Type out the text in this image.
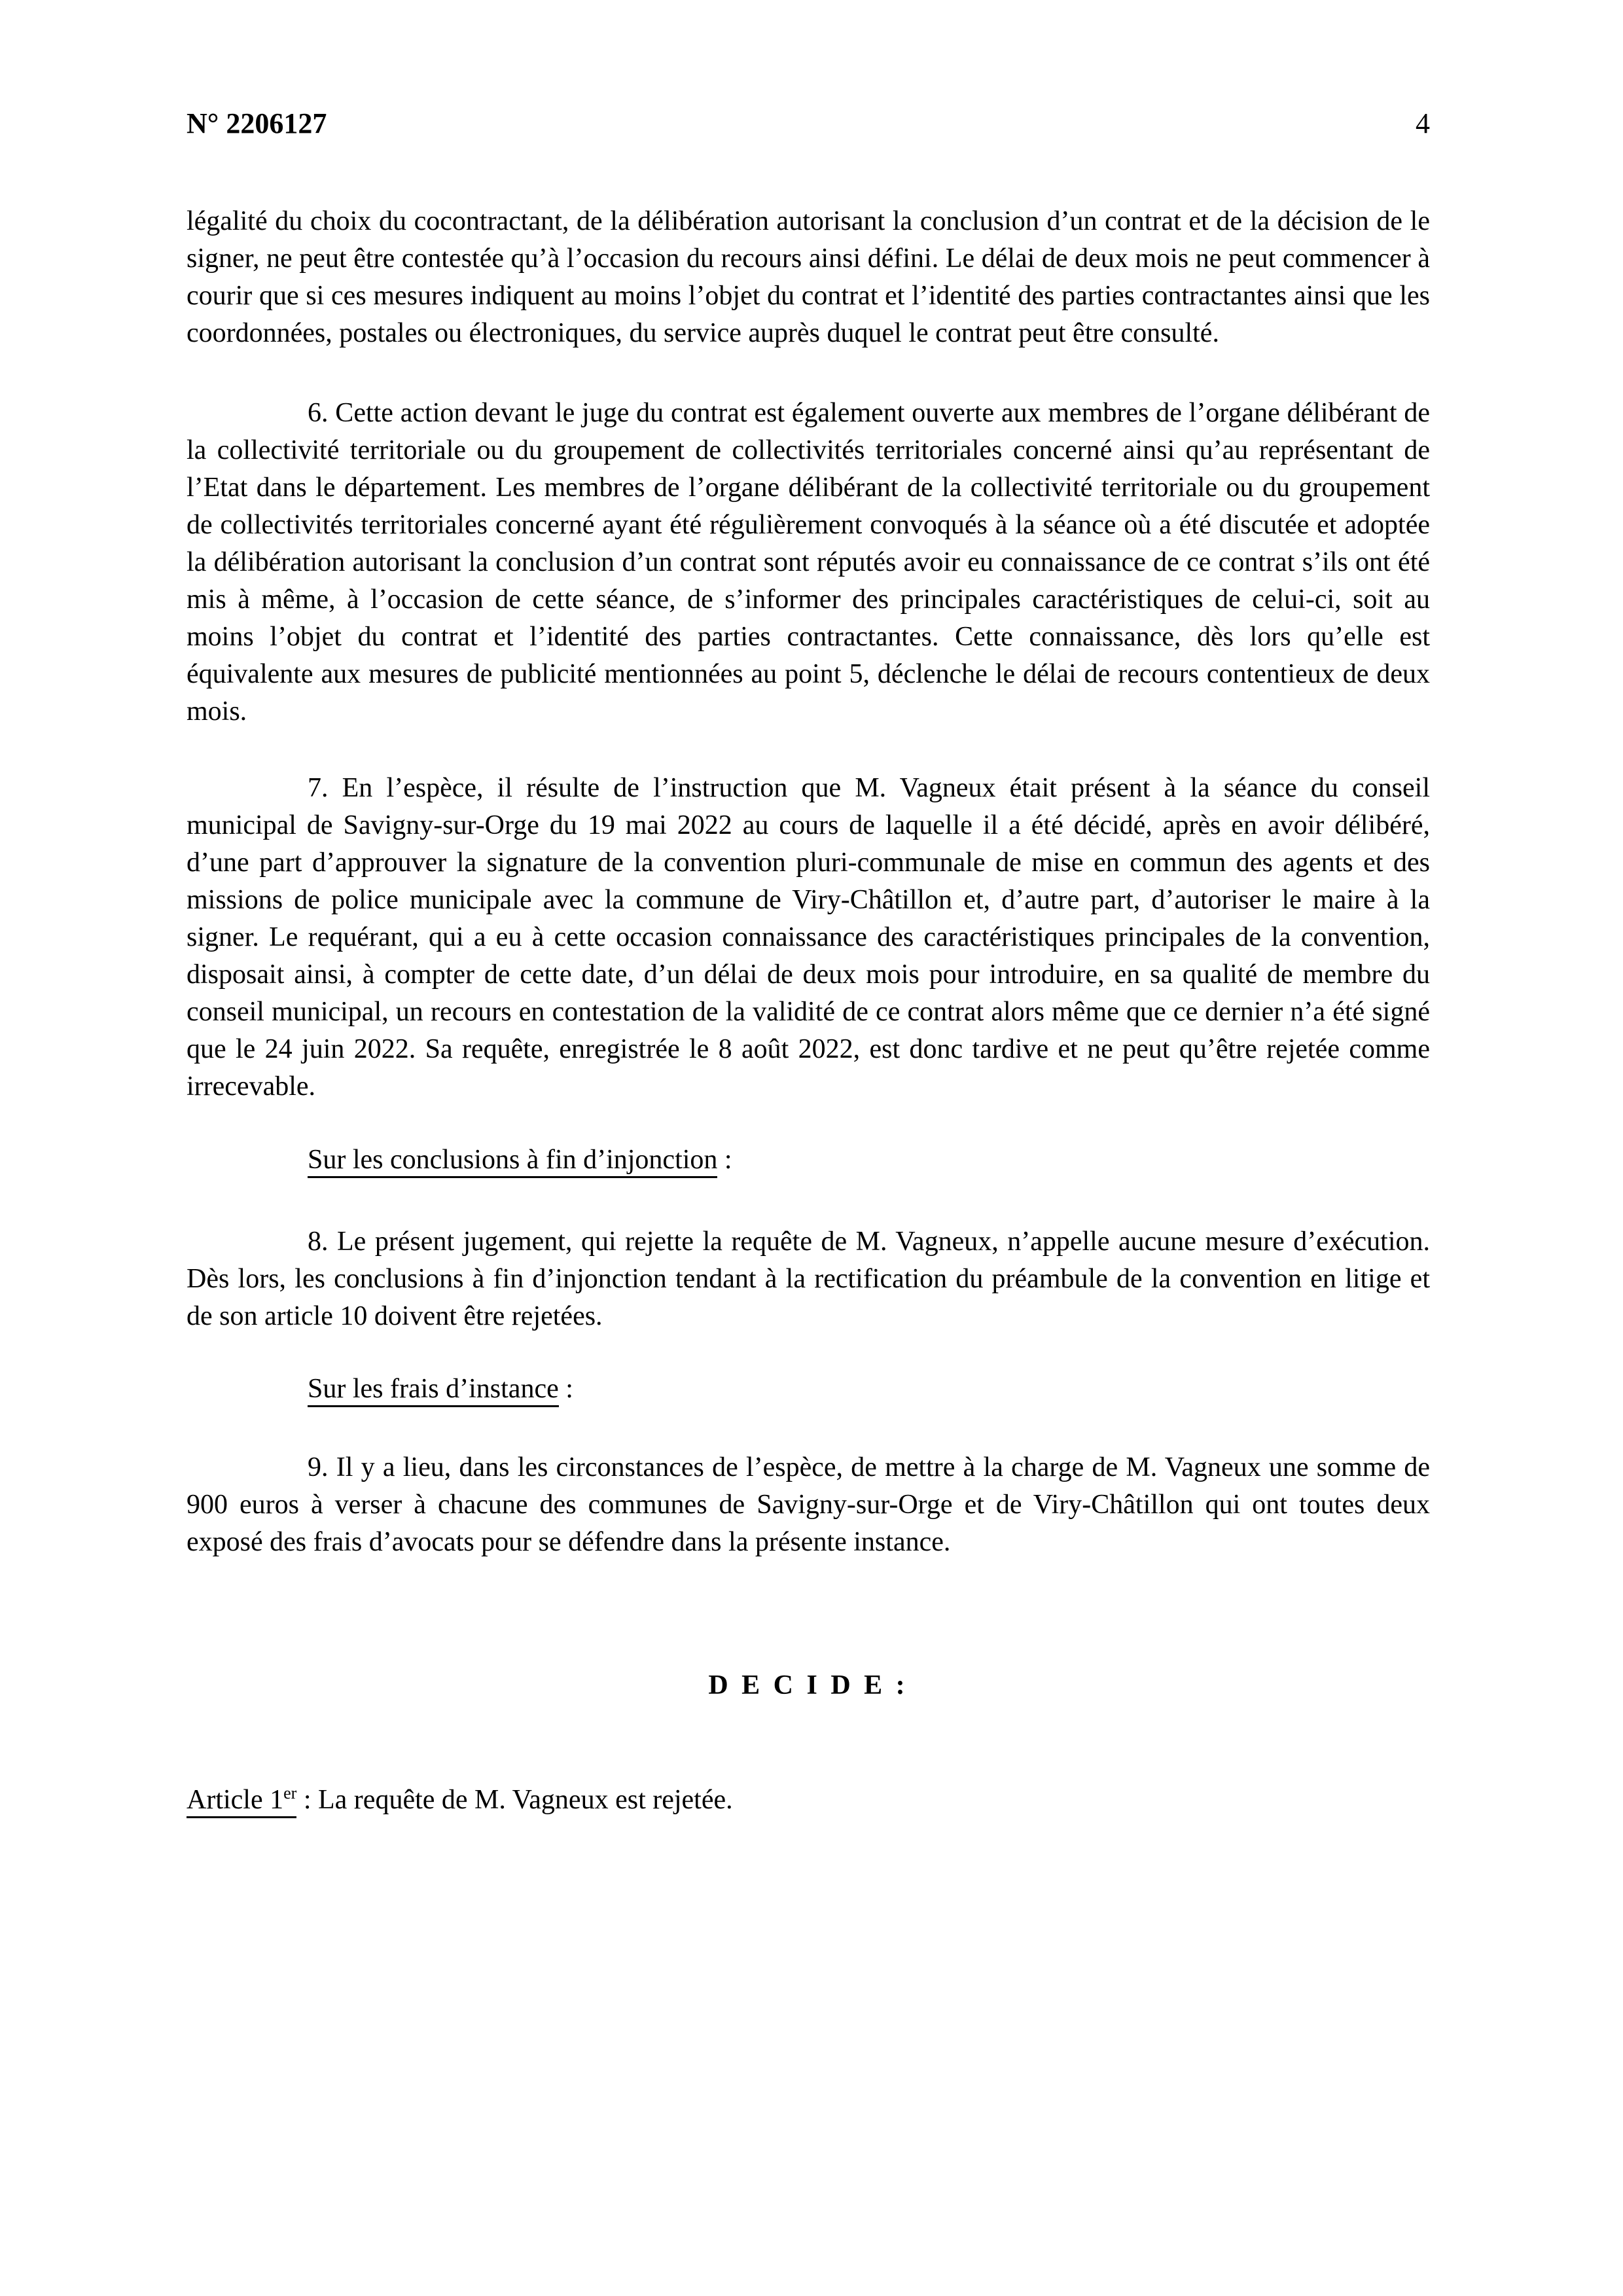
N° 2206127	4

légalité du choix du cocontractant, de la délibération autorisant la conclusion d’un contrat et de la décision de le signer, ne peut être contestée qu’à l’occasion du recours ainsi défini. Le délai de deux mois ne peut commencer à courir que si ces mesures indiquent au moins l’objet du contrat et l’identité des parties contractantes ainsi que les coordonnées, postales ou électroniques, du service auprès duquel le contrat peut être consulté.

6. Cette action devant le juge du contrat est également ouverte aux membres de l’organe délibérant de la collectivité territoriale ou du groupement de collectivités territoriales concerné ainsi qu’au représentant de l’Etat dans le département. Les membres de l’organe délibérant de la collectivité territoriale ou du groupement de collectivités territoriales concerné ayant été régulièrement convoqués à la séance où a été discutée et adoptée la délibération autorisant la conclusion d’un contrat sont réputés avoir eu connaissance de ce contrat s’ils ont été mis à même, à l’occasion de cette séance, de s’informer des principales caractéristiques de celui-ci, soit au moins l’objet du contrat et l’identité des parties contractantes. Cette connaissance, dès lors qu’elle est équivalente aux mesures de publicité mentionnées au point 5, déclenche le délai de recours contentieux de deux mois.

7. En l’espèce, il résulte de l’instruction que M. Vagneux était présent à la séance du conseil municipal de Savigny-sur-Orge du 19 mai 2022 au cours de laquelle il a été décidé, après en avoir délibéré, d’une part d’approuver la signature de la convention pluri-communale de mise en commun des agents et des missions de police municipale avec la commune de Viry-Châtillon et, d’autre part, d’autoriser le maire à la signer. Le requérant, qui a eu à cette occasion connaissance des caractéristiques principales de la convention, disposait ainsi, à compter de cette date, d’un délai de deux mois pour introduire, en sa qualité de membre du conseil municipal, un recours en contestation de la validité de ce contrat alors même que ce dernier n’a été signé que le 24 juin 2022. Sa requête, enregistrée le 8 août 2022, est donc tardive et ne peut qu’être rejetée comme irrecevable.

Sur les conclusions à fin d’injonction :

8. Le présent jugement, qui rejette la requête de M. Vagneux, n’appelle aucune mesure d’exécution. Dès lors, les conclusions à fin d’injonction tendant à la rectification du préambule de la convention en litige et de son article 10 doivent être rejetées.

Sur les frais d’instance :

9. Il y a lieu, dans les circonstances de l’espèce, de mettre à la charge de M. Vagneux une somme de 900 euros à verser à chacune des communes de Savigny-sur-Orge et de Viry-Châtillon qui ont toutes deux exposé des frais d’avocats pour se défendre dans la présente instance.

D E C I D E :

Article 1er : La requête de M. Vagneux est rejetée.
